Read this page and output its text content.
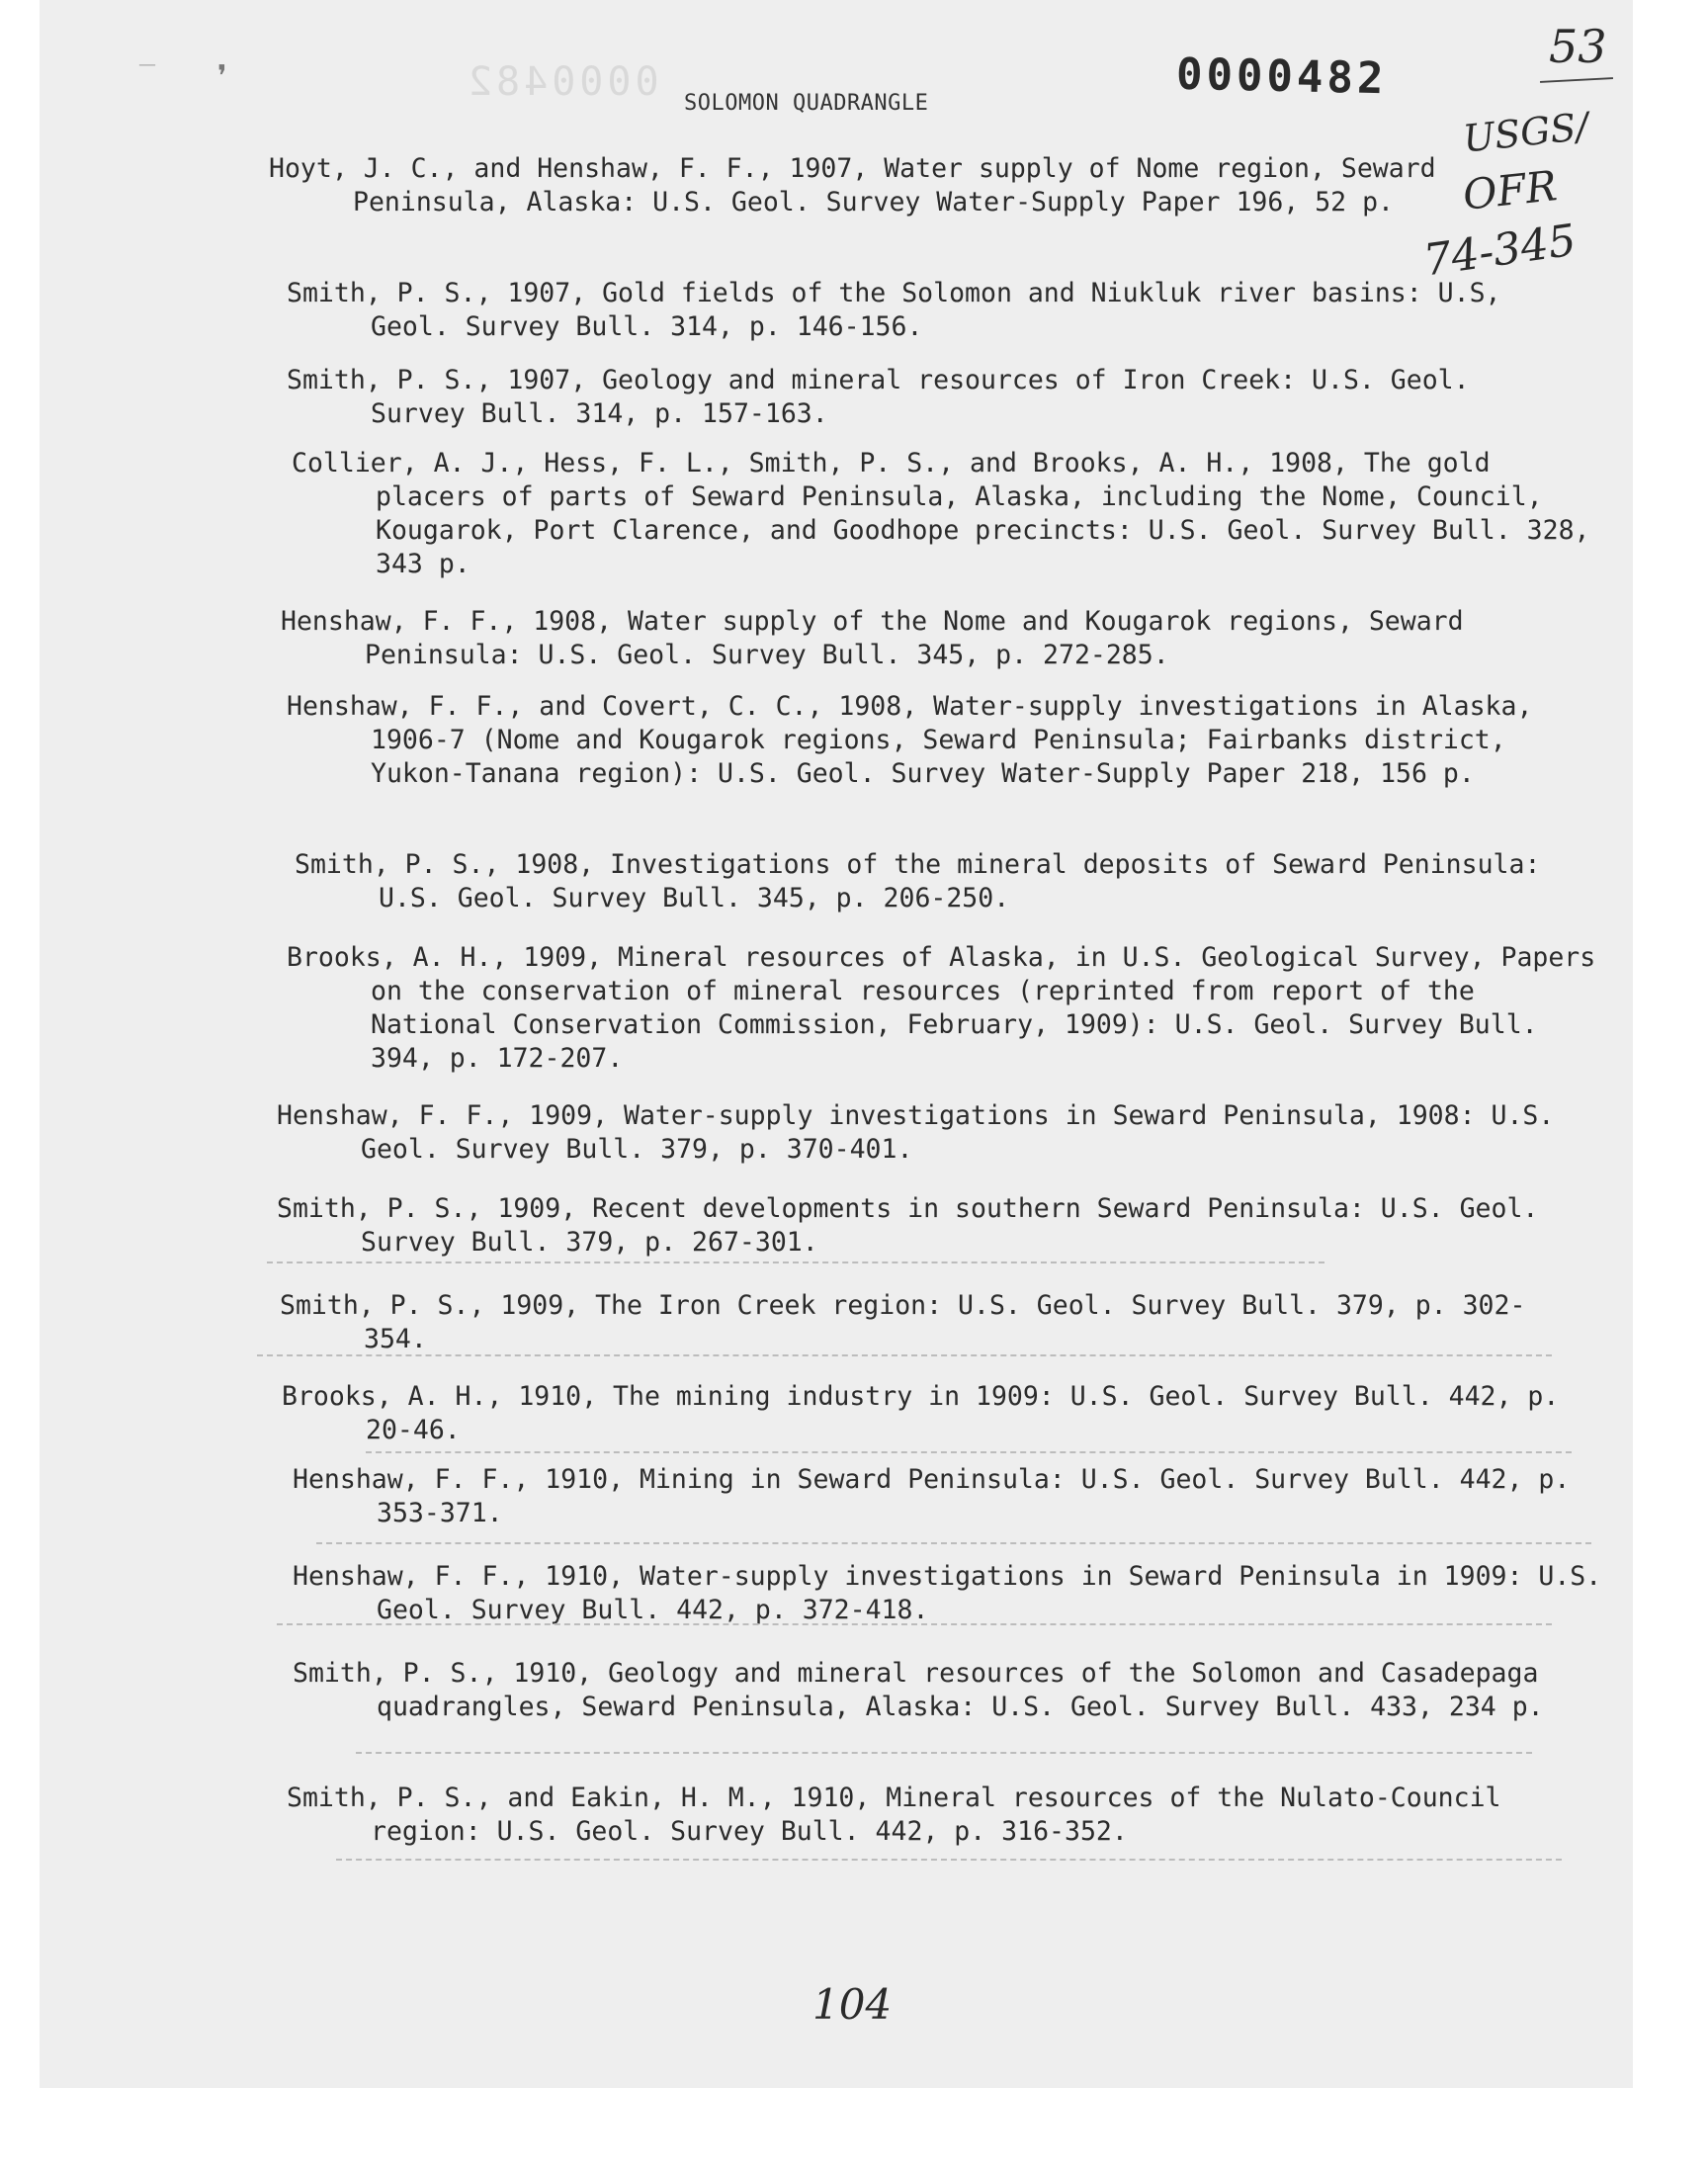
0000482	0000482
SOLOMON QUADRANGLE
53
USGS/
OFR
74-345
❜
—
Hoyt, J. C., and Henshaw, F. F., 1907, Water supply of Nome region, Seward Peninsula, Alaska: U.S. Geol. Survey Water-Supply Paper 196, 52 p.
Smith, P. S., 1907, Gold fields of the Solomon and Niukluk river basins: U.S, Geol. Survey Bull. 314, p. 146-156.
Smith, P. S., 1907, Geology and mineral resources of Iron Creek: U.S. Geol. Survey Bull. 314, p. 157-163.
Collier, A. J., Hess, F. L., Smith, P. S., and Brooks, A. H., 1908, The gold placers of parts of Seward Peninsula, Alaska, including the Nome, Council, Kougarok, Port Clarence, and Goodhope precincts: U.S. Geol. Survey Bull. 328, 343 p.
Henshaw, F. F., 1908, Water supply of the Nome and Kougarok regions, Seward Peninsula: U.S. Geol. Survey Bull. 345, p. 272-285.
Henshaw, F. F., and Covert, C. C., 1908, Water-supply investigations in Alaska, 1906-7 (Nome and Kougarok regions, Seward Peninsula; Fairbanks district, Yukon-Tanana region): U.S. Geol. Survey Water-Supply Paper 218, 156 p.
Smith, P. S., 1908, Investigations of the mineral deposits of Seward Peninsula: U.S. Geol. Survey Bull. 345, p. 206-250.
Brooks, A. H., 1909, Mineral resources of Alaska, in U.S. Geological Survey, Papers on the conservation of mineral resources (reprinted from report of the National Conservation Commission, February, 1909): U.S. Geol. Survey Bull. 394, p. 172-207.
Henshaw, F. F., 1909, Water-supply investigations in Seward Peninsula, 1908: U.S. Geol. Survey Bull. 379, p. 370-401.
Smith, P. S., 1909, Recent developments in southern Seward Peninsula: U.S. Geol. Survey Bull. 379, p. 267-301.
Smith, P. S., 1909, The Iron Creek region: U.S. Geol. Survey Bull. 379, p. 302-354.
Brooks, A. H., 1910, The mining industry in 1909: U.S. Geol. Survey Bull. 442, p. 20-46.
Henshaw, F. F., 1910, Mining in Seward Peninsula: U.S. Geol. Survey Bull. 442, p. 353-371.
Henshaw, F. F., 1910, Water-supply investigations in Seward Peninsula in 1909: U.S. Geol. Survey Bull. 442, p. 372-418.
Smith, P. S., 1910, Geology and mineral resources of the Solomon and Casadepaga quadrangles, Seward Peninsula, Alaska: U.S. Geol. Survey Bull. 433, 234 p.
Smith, P. S., and Eakin, H. M., 1910, Mineral resources of the Nulato-Council region: U.S. Geol. Survey Bull. 442, p. 316-352.
104
